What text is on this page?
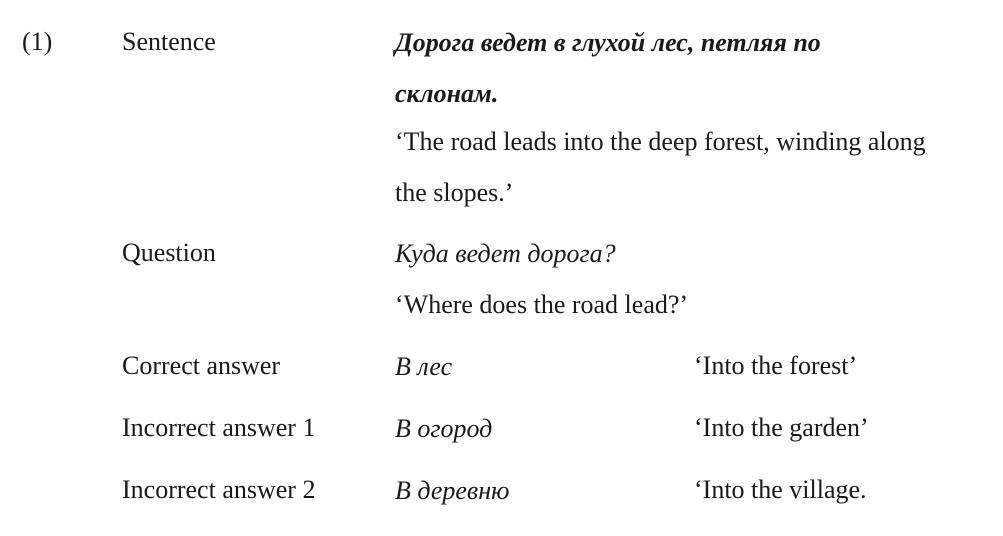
(1)	Sentence	Дорога ведет в глухой лес, петляя по
склонам.
‘The road leads into the deep forest, winding along
the slopes.’
Question	Куда ведет дорога?
‘Where does the road lead?’
Correct answer	В лес	‘Into the forest’
Incorrect answer 1	В огород	‘Into the garden’
Incorrect answer 2	В деревню	‘Into the village.
